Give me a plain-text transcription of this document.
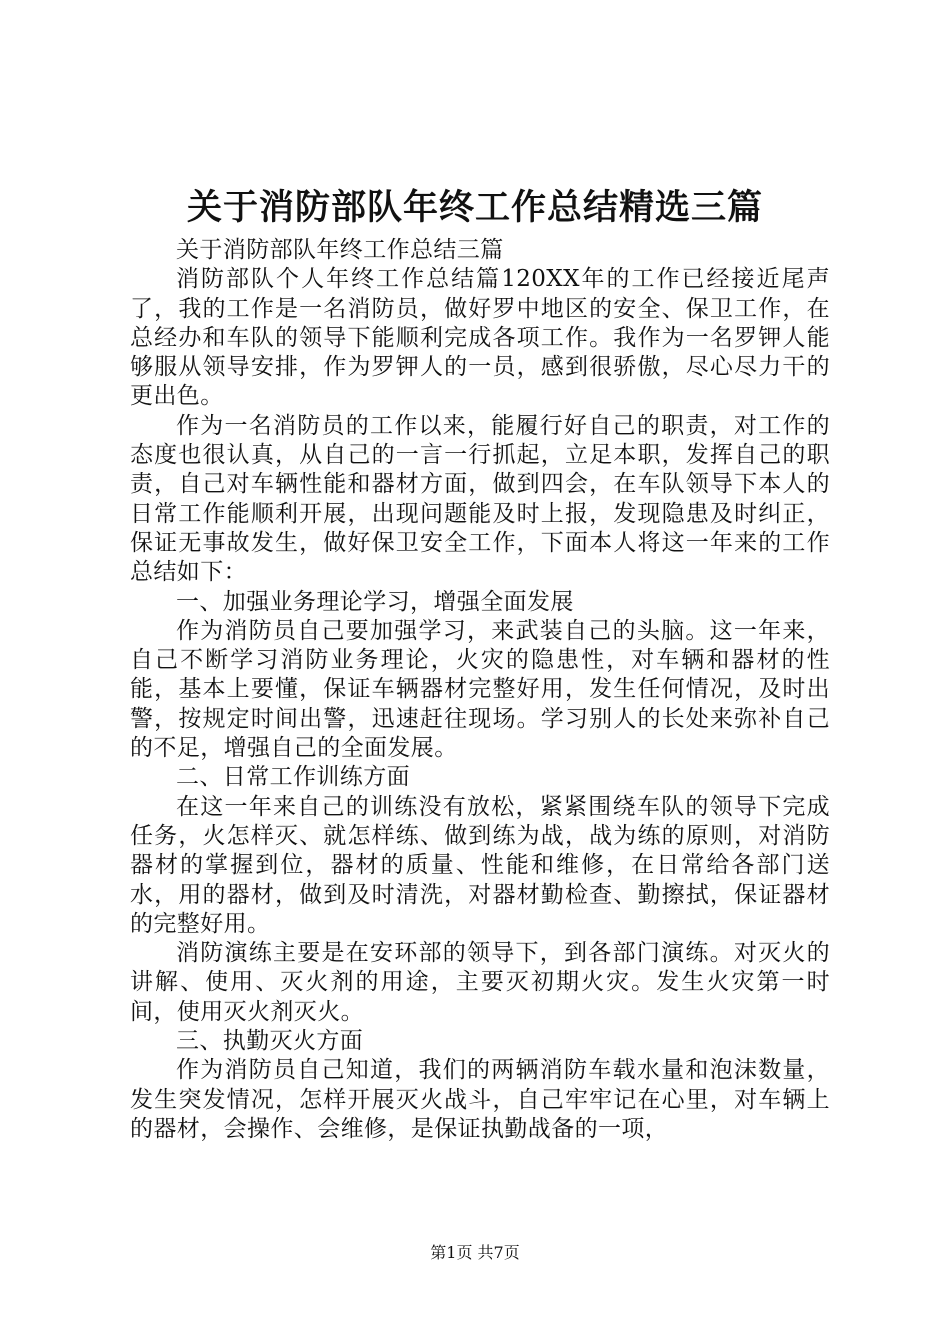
关于消防部队年终工作总结精选三篇

关于消防部队年终工作总结三篇

消防部队个人年终工作总结篇120XX年的工作已经接近尾声了，我的工作是一名消防员，做好罗中地区的安全、保卫工作，在总经办和车队的领导下能顺利完成各项工作。我作为一名罗钾人能够服从领导安排，作为罗钾人的一员，感到很骄傲，尽心尽力干的更出色。

作为一名消防员的工作以来，能履行好自己的职责，对工作的态度也很认真，从自己的一言一行抓起，立足本职，发挥自己的职责，自己对车辆性能和器材方面，做到四会，在车队领导下本人的日常工作能顺利开展，出现问题能及时上报，发现隐患及时纠正，保证无事故发生，做好保卫安全工作，下面本人将这一年来的工作总结如下：

一、加强业务理论学习，增强全面发展

作为消防员自己要加强学习，来武装自己的头脑。这一年来，自己不断学习消防业务理论，火灾的隐患性，对车辆和器材的性能，基本上要懂，保证车辆器材完整好用，发生任何情况，及时出警，按规定时间出警，迅速赶往现场。学习别人的长处来弥补自己的不足，增强自己的全面发展。

二、日常工作训练方面

在这一年来自己的训练没有放松，紧紧围绕车队的领导下完成任务，火怎样灭、就怎样练、做到练为战，战为练的原则，对消防器材的掌握到位，器材的质量、性能和维修，在日常给各部门送水，用的器材，做到及时清洗，对器材勤检查、勤擦拭，保证器材的完整好用。

消防演练主要是在安环部的领导下，到各部门演练。对灭火的讲解、使用、灭火剂的用途，主要灭初期火灾。发生火灾第一时间，使用灭火剂灭火。

三、执勤灭火方面

作为消防员自己知道，我们的两辆消防车载水量和泡沫数量，发生突发情况，怎样开展灭火战斗，自己牢牢记在心里，对车辆上的器材，会操作、会维修，是保证执勤战备的一项，

第1页 共7页
